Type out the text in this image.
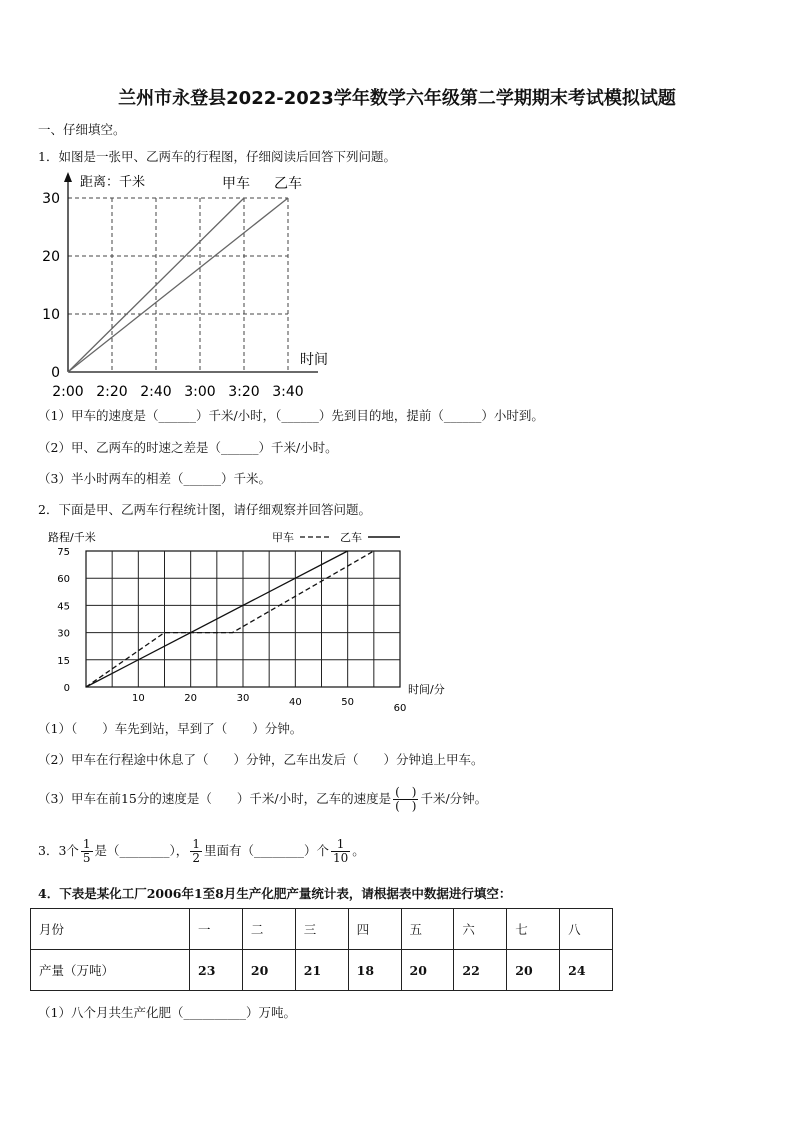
兰州市永登县2022-2023学年数学六年级第二学期期末考试模拟试题
一、仔细填空。
1．如图是一张甲、乙两车的行程图，仔细阅读后回答下列问题。
0
10
20
30
2:00 2:20 2:40 3:00 3:20 3:40
距离：千米
时间
甲车 乙车
（1）甲车的速度是（______）千米/小时，（______）先到目的地，提前（______）小时到。
（2）甲、乙两车的时速之差是（______）千米/小时。
（3）半小时两车的相差（______）千米。
2．下面是甲、乙两车行程统计图，请仔细观察并回答问题。
0
15
30
45
60
75
10	20	30	40	50
60
路程/千米
时间/分
甲车	乙车
（1）（　　）车先到站，早到了（　　）分钟。
（2）甲车在行程途中休息了（　　）分钟，乙车出发后（　　）分钟追上甲车。
（3）甲车在前15分的速度是（　　）千米/小时，乙车的速度是 $\frac{( )}{( )}$ 千米/分钟。
3．3个 $\frac{1}{5}$ 是（________）， $\frac{1}{2}$ 里面有（________）个 $\frac{1}{10}$ 。
4．下表是某化工厂2006年1至8月生产化肥产量统计表，请根据表中数据进行填空：
月份	一	二	三	四	五	六	七	八
产量（万吨）	23	20	21	18	20	22	20	24
（1）八个月共生产化肥（__________）万吨。
